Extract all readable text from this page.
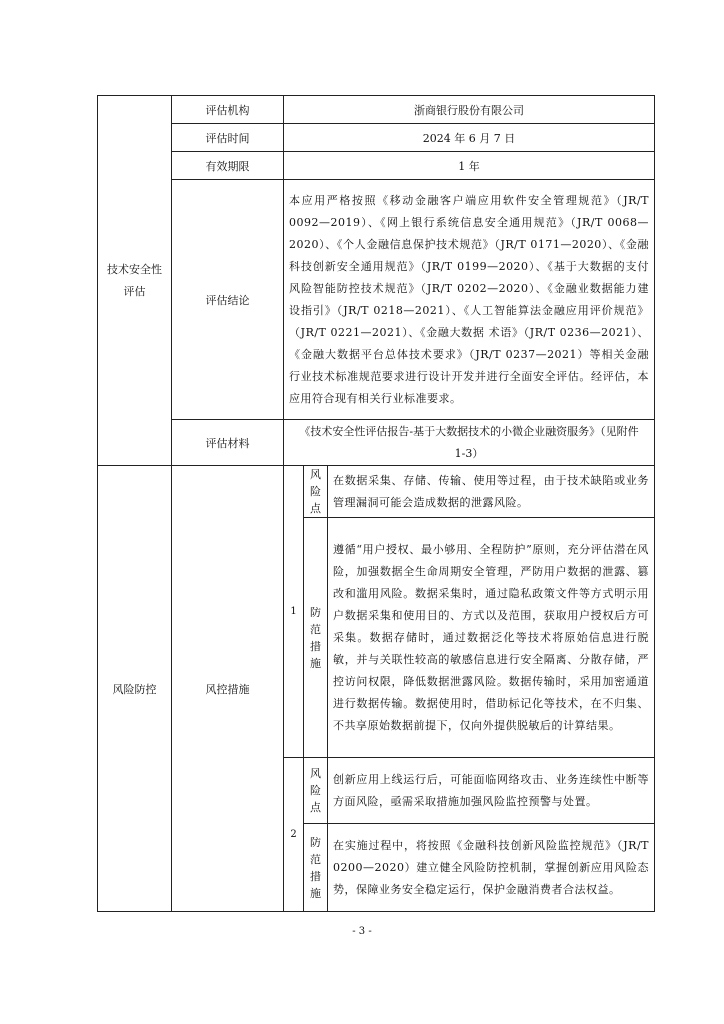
技术安全性评估	评估机构	浙商银行股份有限公司		
	评估时间	2024 年 6 月 7 日		
	有效期限	1 年		
	评估结论	本应用严格按照《移动金融客户端应用软件安全管理规范》（JR/T 0092—2019）、《网上银行系统信息安全通用规范》（JR/T 0068—2020）、《个人金融信息保护技术规范》（JR/T 0171—2020）、《金融科技创新安全通用规范》（JR/T 0199—2020）、《基于大数据的支付风险智能防控技术规范》（JR/T 0202—2020）、《金融业数据能力建设指引》（JR/T 0218—2021）、《人工智能算法金融应用评价规范》（JR/T 0221—2021）、《金融大数据 术语》（JR/T 0236—2021）、《金融大数据平台总体技术要求》（JR/T 0237—2021）等相关金融行业技术标准规范要求进行设计开发并进行全面安全评估。经评估，本应用符合现有相关行业标准要求。		
	评估材料	《技术安全性评估报告-基于大数据技术的小微企业融资服务》（见附件 1-3）		
风险防控	风控措施	1	风险点	在数据采集、存储、传输、使用等过程，由于技术缺陷或业务管理漏洞可能会造成数据的泄露风险。

			防范措施	遵循“用户授权、最小够用、全程防护”原则，充分评估潜在风险，加强数据全生命周期安全管理，严防用户数据的泄露、篡改和滥用风险。数据采集时，通过隐私政策文件等方式明示用户数据采集和使用目的、方式以及范围，获取用户授权后方可采集。数据存储时，通过数据泛化等技术将原始信息进行脱敏，并与关联性较高的敏感信息进行安全隔离、分散存储，严控访问权限，降低数据泄露风险。数据传输时，采用加密通道进行数据传输。数据使用时，借助标记化等技术，在不归集、不共享原始数据前提下，仅向外提供脱敏后的计算结果。
		2	风险点	创新应用上线运行后，可能面临网络攻击、业务连续性中断等方面风险，亟需采取措施加强风险监控预警与处置。

			防范措施	在实施过程中，将按照《金融科技创新风险监控规范》（JR/T 0200—2020）建立健全风险防控机制，掌握创新应用风险态势，保障业务安全稳定运行，保护金融消费者合法权益。
- 3 -
